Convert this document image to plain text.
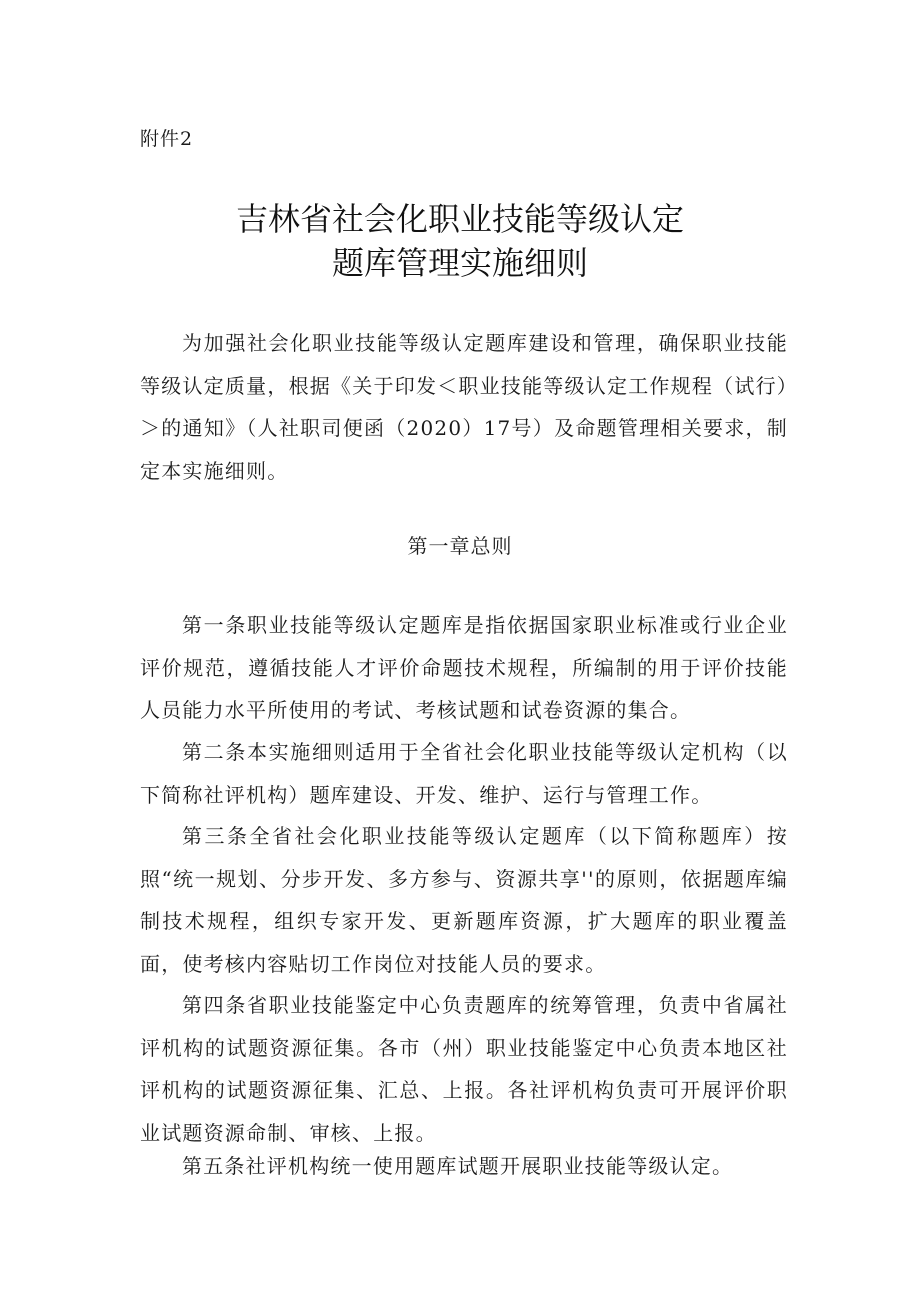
附件2

吉林省社会化职业技能等级认定
题库管理实施细则

为加强社会化职业技能等级认定题库建设和管理，确保职业技能等级认定质量，根据《关于印发＜职业技能等级认定工作规程（试行）＞的通知》（人社职司便函（2020）17号）及命题管理相关要求，制定本实施细则。

第一章总则

第一条职业技能等级认定题库是指依据国家职业标准或行业企业评价规范，遵循技能人才评价命题技术规程，所编制的用于评价技能人员能力水平所使用的考试、考核试题和试卷资源的集合。

第二条本实施细则适用于全省社会化职业技能等级认定机构（以下简称社评机构）题库建设、开发、维护、运行与管理工作。

第三条全省社会化职业技能等级认定题库（以下简称题库）按照“统一规划、分步开发、多方参与、资源共享''的原则，依据题库编制技术规程，组织专家开发、更新题库资源，扩大题库的职业覆盖面，使考核内容贴切工作岗位对技能人员的要求。

第四条省职业技能鉴定中心负责题库的统筹管理，负责中省属社评机构的试题资源征集。各市（州）职业技能鉴定中心负责本地区社评机构的试题资源征集、汇总、上报。各社评机构负责可开展评价职业试题资源命制、审核、上报。

第五条社评机构统一使用题库试题开展职业技能等级认定。
